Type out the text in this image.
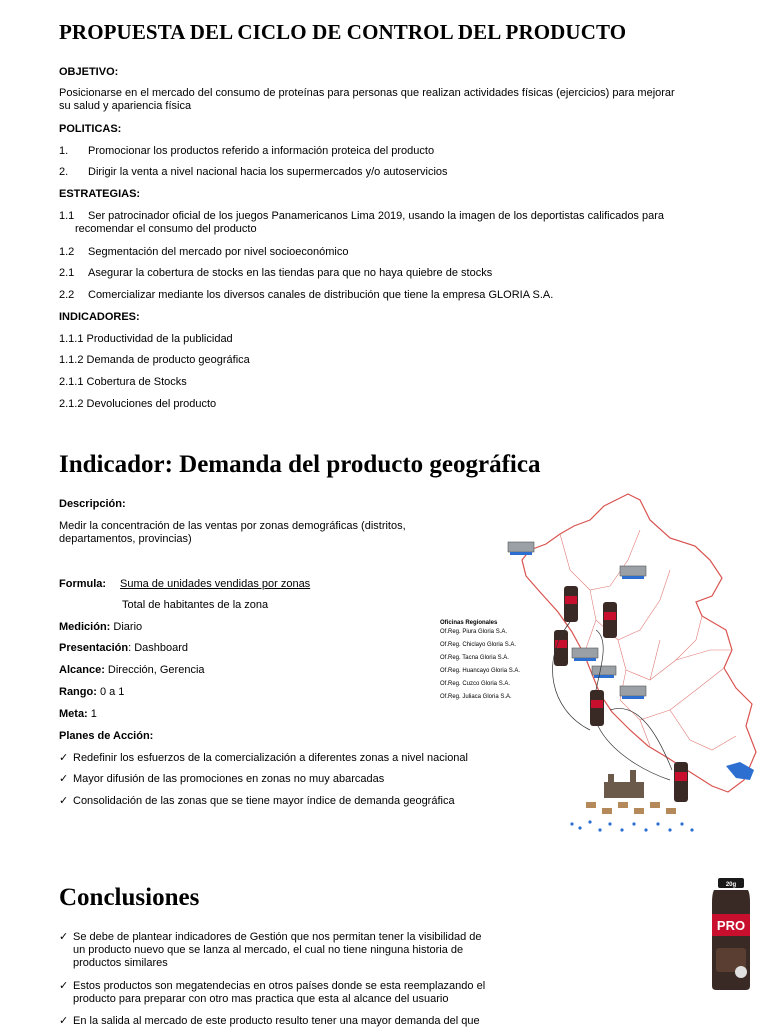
PROPUESTA DEL CICLO DE CONTROL DEL PRODUCTO
OBJETIVO:
Posicionarse en el mercado del consumo de proteínas para personas que realizan actividades físicas (ejercicios) para mejorar
su salud y apariencia física
POLITICAS:
1. Promocionar los productos referido a información proteica del producto
2. Dirigir la venta a nivel nacional hacia los supermercados y/o autoservicios
ESTRATEGIAS:
1.1 Ser patrocinador oficial de los juegos Panamericanos Lima 2019, usando la imagen de los deportistas calificados para
recomendar el consumo del producto
1.2 Segmentación del mercado por nivel socioeconómico
2.1 Asegurar la cobertura de stocks en las tiendas para que no haya quiebre de stocks
2.2 Comercializar mediante los diversos canales de distribución que tiene la empresa GLORIA S.A.
INDICADORES:
1.1.1 Productividad de la publicidad
1.1.2 Demanda de producto geográfica
2.1.1 Cobertura de Stocks
2.1.2 Devoluciones del producto
Indicador: Demanda del producto geográfica
Descripción:
Medir la concentración de las ventas por zonas demográficas (distritos,
departamentos, provincias)
Formula: Suma de unidades vendidas por zonas
Total de habitantes de la zona
Medición: Diario
Presentación: Dashboard
Alcance: Dirección, Gerencia
Rango: 0 a 1
Meta: 1
Planes de Acción:
✓ Redefinir los esfuerzos de la comercialización a diferentes zonas a nivel nacional
✓ Mayor difusión de las promociones en zonas no muy abarcadas
✓ Consolidación de las zonas que se tiene mayor índice de demanda geográfica
Oficinas Regionales
Of.Reg. Piura Gloria S.A.
Of.Reg. Chiclayo Gloria S.A.
Of.Reg. Tacna Gloria S.A.
Of.Reg. Huancayo Gloria S.A.
Of.Reg. Cuzco Gloria S.A.
Of.Reg. Juliaca Gloria S.A.
Conclusiones
✓ Se debe de plantear indicadores de Gestión que nos permitan tener la visibilidad de
un producto nuevo que se lanza al mercado, el cual no tiene ninguna historia de
productos similares
✓ Estos productos son megatendecias en otros países donde se esta reemplazando el
producto para preparar con otro mas practica que esta al alcance del usuario
✓ En la salida al mercado de este producto resulto tener una mayor demanda del que
PRO
20g
